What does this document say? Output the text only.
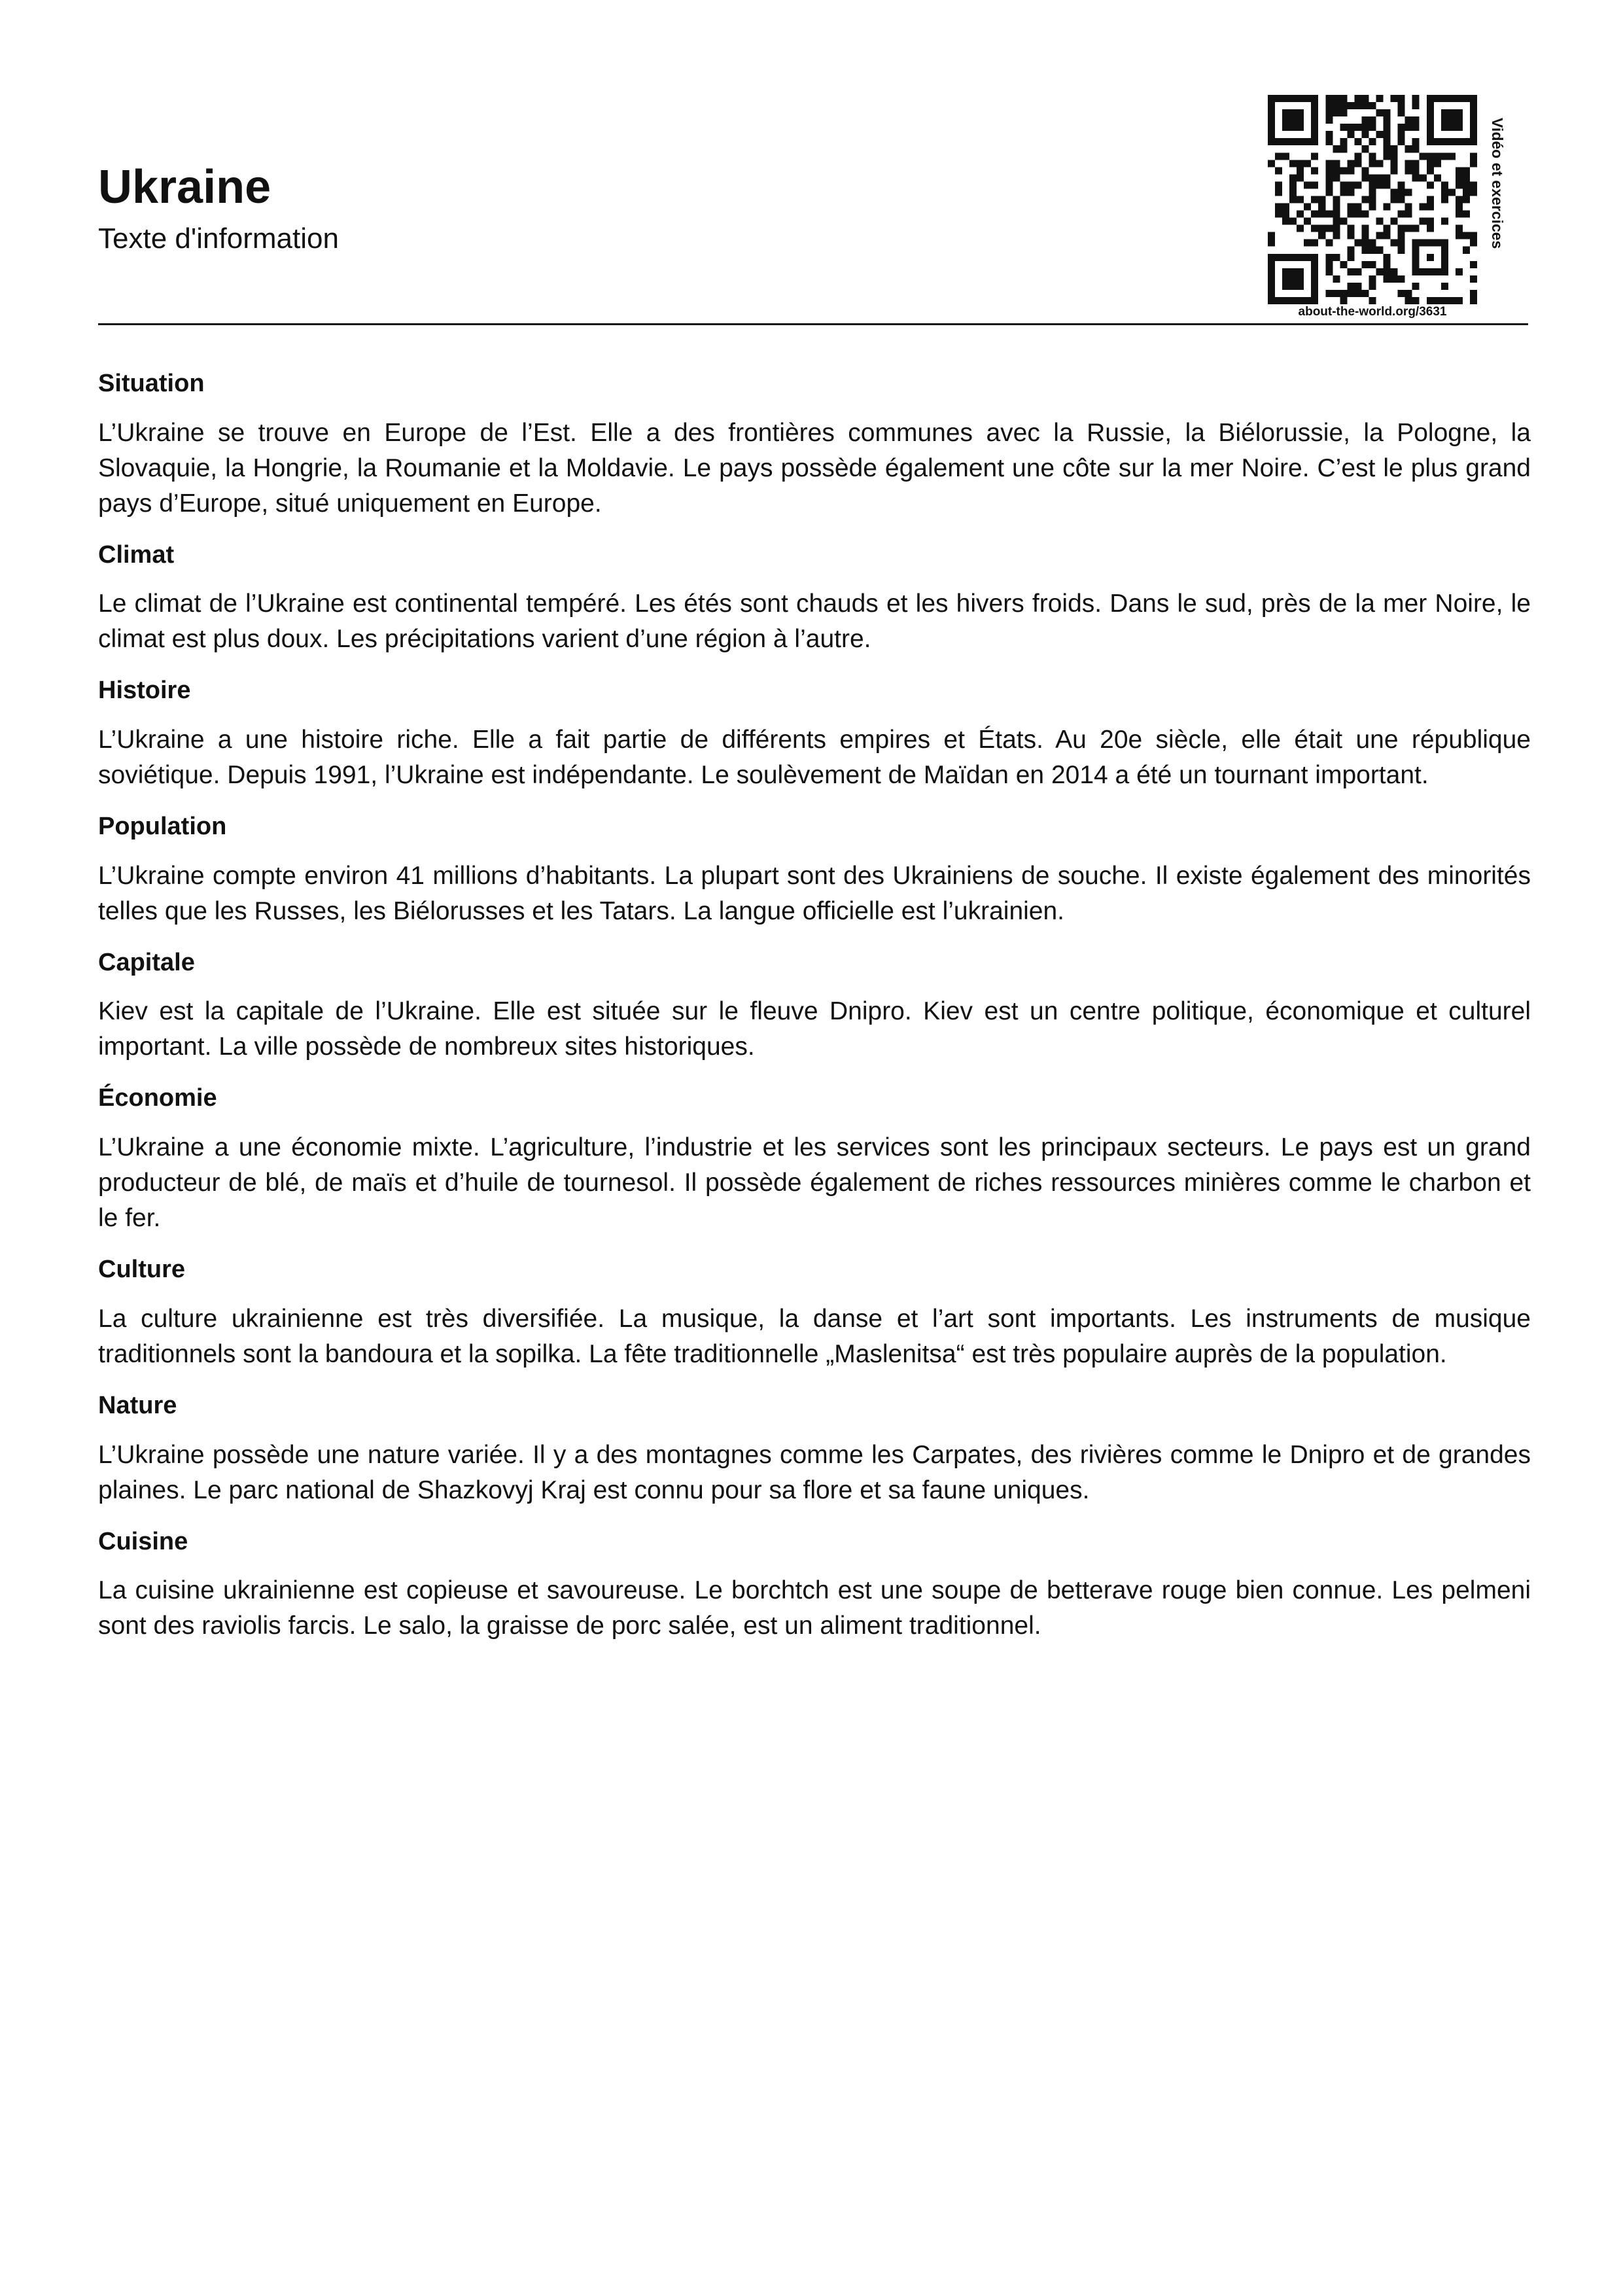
Ukraine
Texte d'information
about-the-world.org/3631
Vidéo et exercices
Situation

L’Ukraine se trouve en Europe de l’Est. Elle a des frontières communes avec la Russie, la Biélorussie, la Pologne, la Slovaquie, la Hongrie, la Roumanie et la Moldavie. Le pays possède également une côte sur la mer Noire. C’est le plus grand pays d’Europe, situé uniquement en Europe.

Climat

Le climat de l’Ukraine est continental tempéré. Les étés sont chauds et les hivers froids. Dans le sud, près de la mer Noire, le climat est plus doux. Les précipitations varient d’une région à l’autre.

Histoire

L’Ukraine a une histoire riche. Elle a fait partie de différents empires et États. Au 20e siècle, elle était une république soviétique. Depuis 1991, l’Ukraine est indépendante. Le soulèvement de Maïdan en 2014 a été un tournant important.

Population

L’Ukraine compte environ 41 millions d’habitants. La plupart sont des Ukrainiens de souche. Il existe également des minorités telles que les Russes, les Biélorusses et les Tatars. La langue officielle est l’ukrainien.

Capitale

Kiev est la capitale de l’Ukraine. Elle est située sur le fleuve Dnipro. Kiev est un centre politique, économique et culturel important. La ville possède de nombreux sites historiques.

Économie

L’Ukraine a une économie mixte. L’agriculture, l’industrie et les services sont les principaux secteurs. Le pays est un grand producteur de blé, de maïs et d’huile de tournesol. Il possède également de riches ressources minières comme le charbon et le fer.

Culture

La culture ukrainienne est très diversifiée. La musique, la danse et l’art sont importants. Les instruments de musique traditionnels sont la bandoura et la sopilka. La fête traditionnelle „Maslenitsa“ est très populaire auprès de la population.

Nature

L’Ukraine possède une nature variée. Il y a des montagnes comme les Carpates, des rivières comme le Dnipro et de grandes plaines. Le parc national de Shazkovyj Kraj est connu pour sa flore et sa faune uniques.

Cuisine

La cuisine ukrainienne est copieuse et savoureuse. Le borchtch est une soupe de betterave rouge bien connue. Les pelmeni sont des raviolis farcis. Le salo, la graisse de porc salée, est un aliment traditionnel.
